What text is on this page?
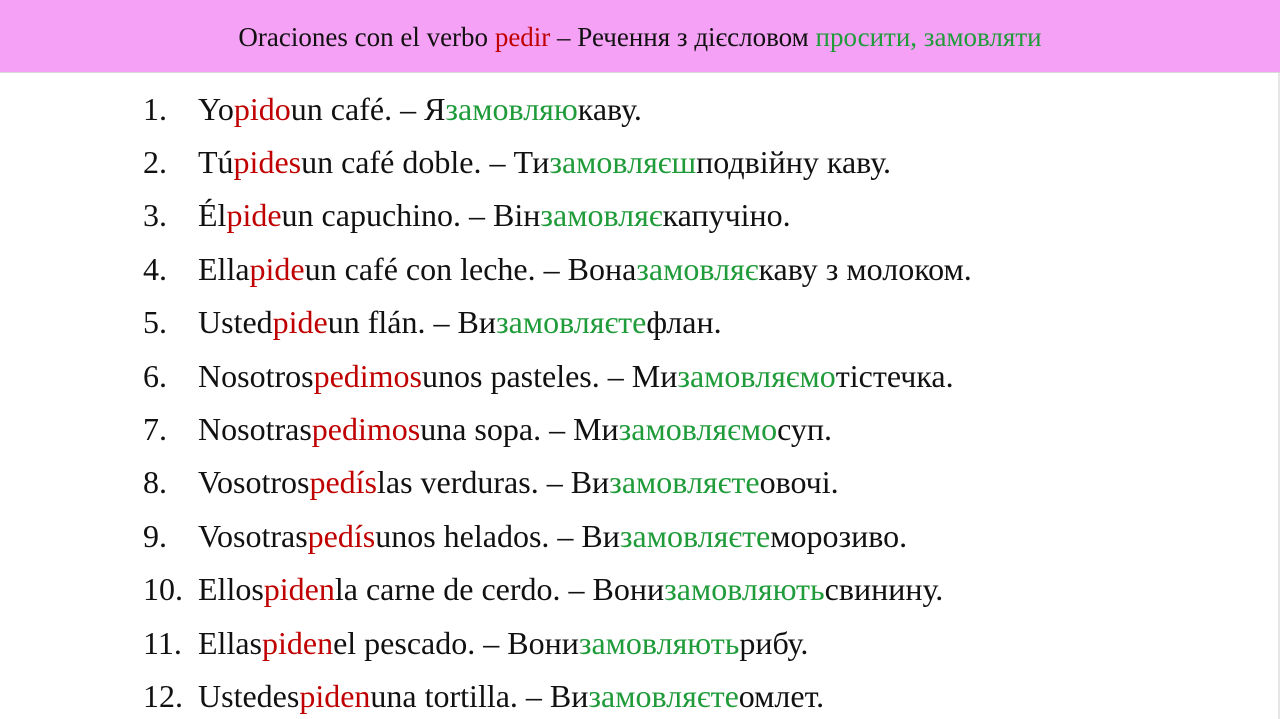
Oraciones con el verbo pedir – Речення з дієсловом просити, замовляти
1. Yo pido un café. – Я замовляю каву.
2. Tú pides un café doble. – Ти замовляєш подвійну каву.
3. Él pide un capuchino. – Він замовляє капучіно.
4. Ella pide un café con leche. – Вона замовляє каву з молоком.
5. Usted pide un flán. – Ви замовляєте флан.
6. Nosotros pedimos unos pasteles. – Ми замовляємо тістечка.
7. Nosotras pedimos una sopa. – Ми замовляємо суп.
8. Vosotros pedís las verduras. – Ви замовляєте овочі.
9. Vosotras pedís unos helados. – Ви замовляєте морозиво.
10. Ellos piden la carne de cerdo. – Вони замовляють свинину.
11. Ellas piden el pescado. – Вони замовляють рибу.
12. Ustedes piden una tortilla. – Ви замовляєте омлет.
